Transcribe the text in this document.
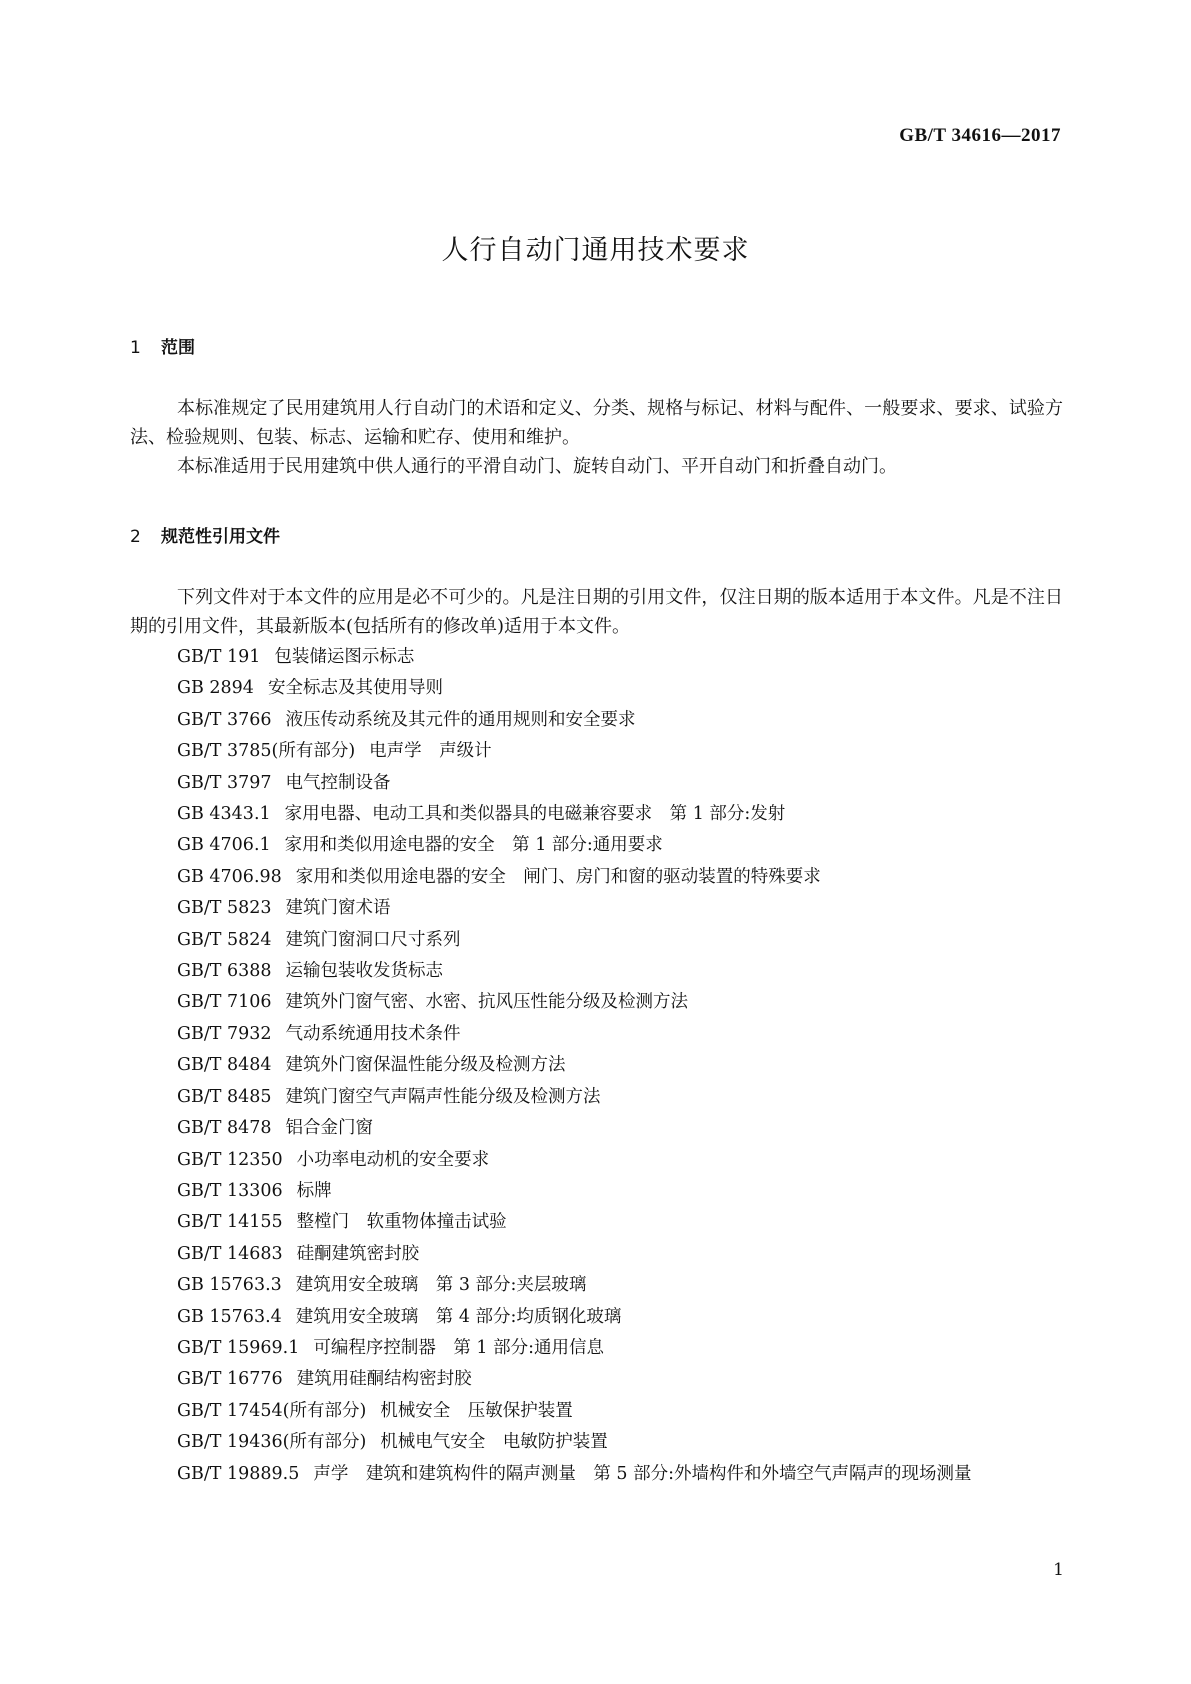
GB/T 34616—2017
人行自动门通用技术要求
1 范围

本标准规定了民用建筑用人行自动门的术语和定义、分类、规格与标记、材料与配件、一般要求、要求、试验方法、检验规则、包装、标志、运输和贮存、使用和维护。

本标准适用于民用建筑中供人通行的平滑自动门、旋转自动门、平开自动门和折叠自动门。

2 规范性引用文件

下列文件对于本文件的应用是必不可少的。凡是注日期的引用文件，仅注日期的版本适用于本文件。凡是不注日期的引用文件，其最新版本(包括所有的修改单)适用于本文件。

GB/T 191 包装储运图示标志
GB 2894 安全标志及其使用导则
GB/T 3766 液压传动系统及其元件的通用规则和安全要求
GB/T 3785(所有部分) 电声学　声级计
GB/T 3797 电气控制设备
GB 4343.1 家用电器、电动工具和类似器具的电磁兼容要求　第 1 部分:发射
GB 4706.1 家用和类似用途电器的安全　第 1 部分:通用要求
GB 4706.98 家用和类似用途电器的安全　闸门、房门和窗的驱动装置的特殊要求
GB/T 5823 建筑门窗术语
GB/T 5824 建筑门窗洞口尺寸系列
GB/T 6388 运输包装收发货标志
GB/T 7106 建筑外门窗气密、水密、抗风压性能分级及检测方法
GB/T 7932 气动系统通用技术条件
GB/T 8484 建筑外门窗保温性能分级及检测方法
GB/T 8485 建筑门窗空气声隔声性能分级及检测方法
GB/T 8478 铝合金门窗
GB/T 12350 小功率电动机的安全要求
GB/T 13306 标牌
GB/T 14155 整樘门　软重物体撞击试验
GB/T 14683 硅酮建筑密封胶
GB 15763.3 建筑用安全玻璃　第 3 部分:夹层玻璃
GB 15763.4 建筑用安全玻璃　第 4 部分:均质钢化玻璃
GB/T 15969.1 可编程序控制器　第 1 部分:通用信息
GB/T 16776 建筑用硅酮结构密封胶
GB/T 17454(所有部分) 机械安全　压敏保护装置
GB/T 19436(所有部分) 机械电气安全　电敏防护装置
GB/T 19889.5 声学　建筑和建筑构件的隔声测量　第 5 部分:外墙构件和外墙空气声隔声的现场测量
1
